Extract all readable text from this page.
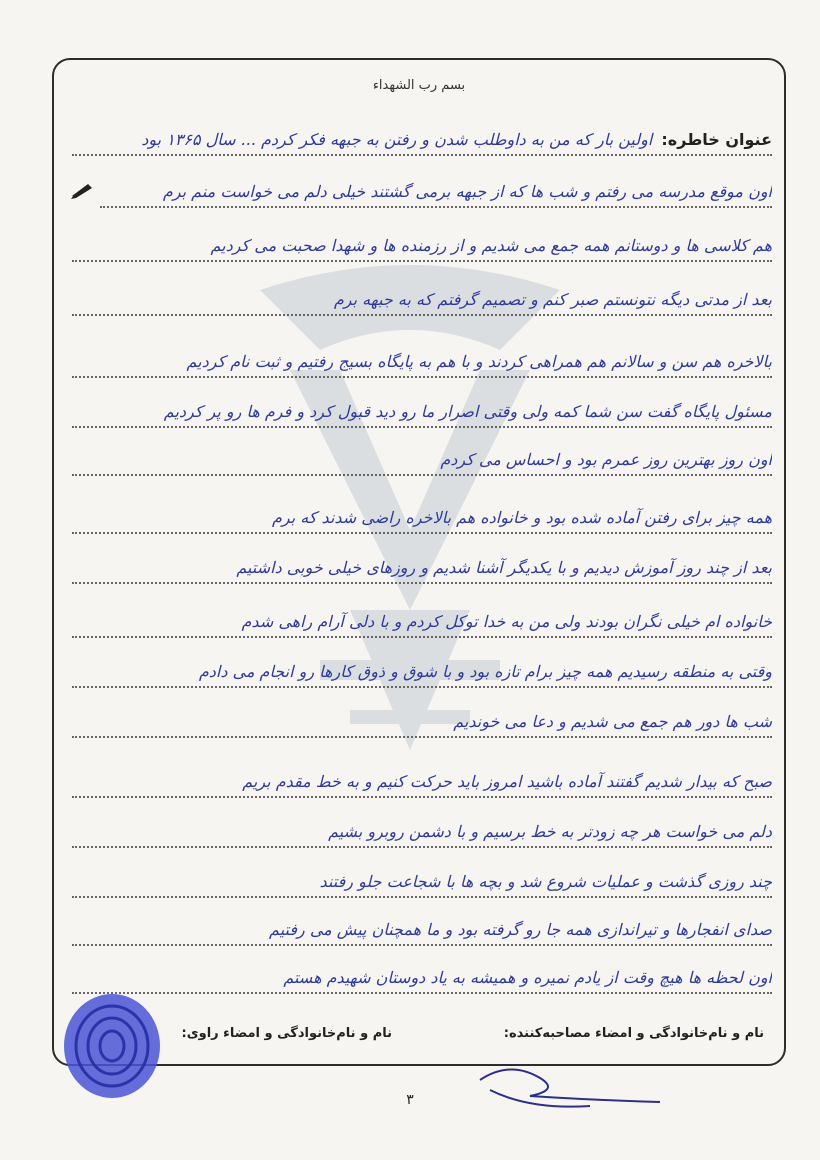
بسم رب الشهداء
عنوان خاطره: اولین بار که من به داوطلب شدن و رفتن به جبهه فکر کردم ... سال ۱۳۶۵ بود
اون موقع مدرسه می رفتم و شب ها که از جبهه برمی گشتند خیلی دلم می خواست منم برم
هم کلاسی ها و دوستانم همه جمع می شدیم و از رزمنده ها و شهدا صحبت می کردیم
بعد از مدتی دیگه نتونستم صبر کنم و تصمیم گرفتم که به جبهه برم
بالاخره هم سن و سالانم هم همراهی کردند و با هم به پایگاه بسیج رفتیم و ثبت نام کردیم
مسئول پایگاه گفت سن شما کمه ولی وقتی اصرار ما رو دید قبول کرد و فرم ها رو پر کردیم
اون روز بهترین روز عمرم بود و احساس می کردم
همه چیز برای رفتن آماده شده بود و خانواده هم بالاخره راضی شدند که برم
بعد از چند روز آموزش دیدیم و با یکدیگر آشنا شدیم و روزهای خیلی خوبی داشتیم
خانواده ام خیلی نگران بودند ولی من به خدا توکل کردم و با دلی آرام راهی شدم
وقتی به منطقه رسیدیم همه چیز برام تازه بود و با شوق و ذوق کارها رو انجام می دادم
شب ها دور هم جمع می شدیم و دعا می خوندیم
صبح که بیدار شدیم گفتند آماده باشید امروز باید حرکت کنیم و به خط مقدم بریم
دلم می خواست هر چه زودتر به خط برسیم و با دشمن روبرو بشیم
چند روزی گذشت و عملیات شروع شد و بچه ها با شجاعت جلو رفتند
صدای انفجارها و تیراندازی همه جا رو گرفته بود و ما همچنان پیش می رفتیم
اون لحظه ها هیچ وقت از یادم نمیره و همیشه به یاد دوستان شهیدم هستم
نام و نام‌خانوادگی و امضاء مصاحبه‌کننده:
نام و نام‌خانوادگی و امضاء راوی:
۳
